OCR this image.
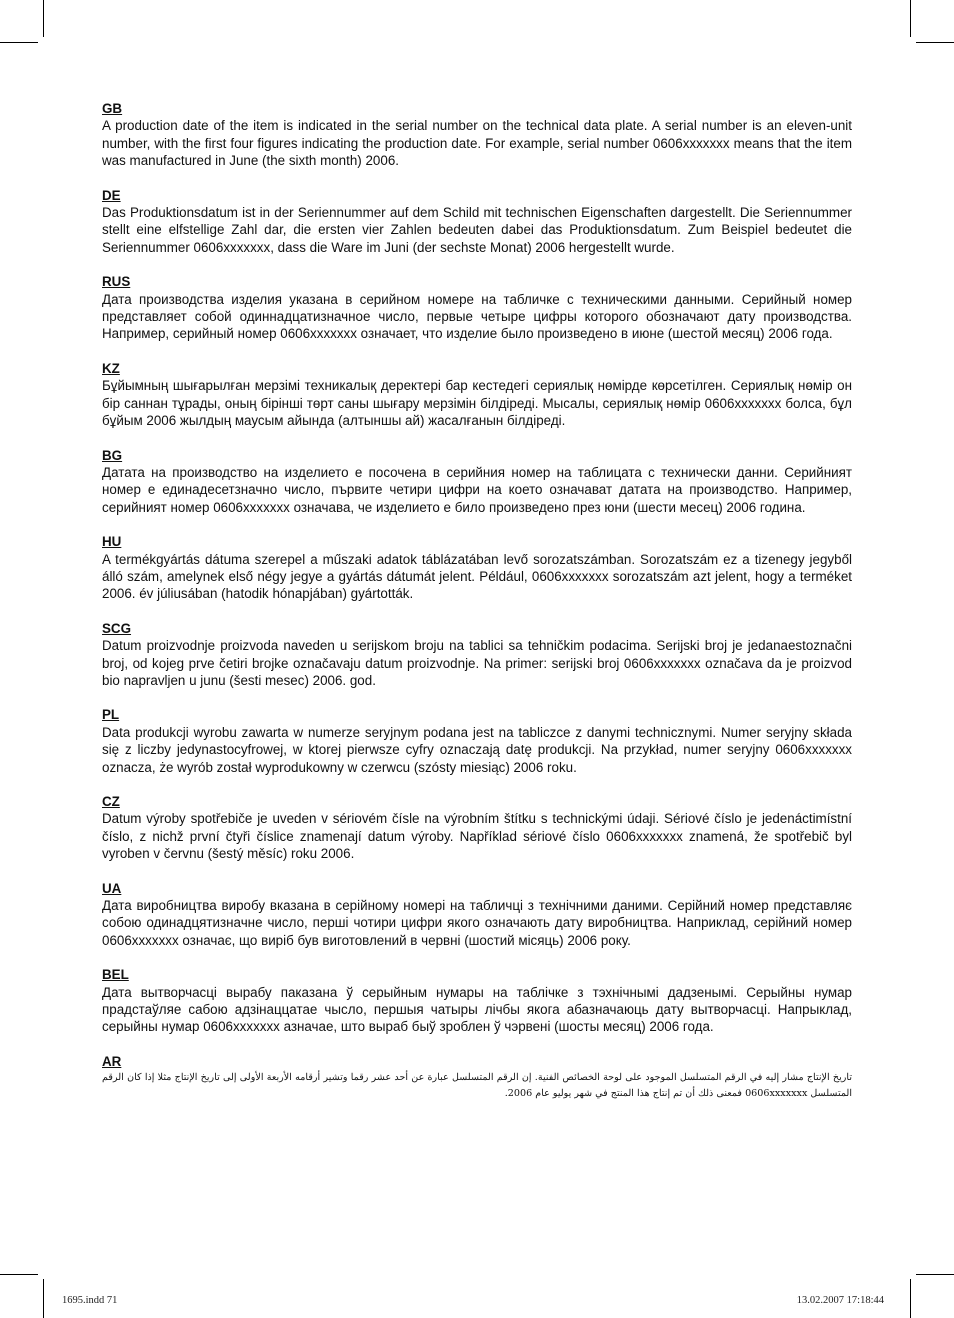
GB

A production date of the item is indicated in the serial number on the technical data plate. A serial number is an eleven-unit number, with the first four figures indicating the production date. For example, serial number 0606xxxxxxx means that the item was manufactured in June (the sixth month) 2006.

DE

Das Produktionsdatum ist in der Seriennummer auf dem Schild mit technischen Eigenschaften dargestellt. Die Seriennummer stellt eine elfstellige Zahl dar, die ersten vier Zahlen bedeuten dabei das Produktionsdatum. Zum Beispiel bedeutet die Seriennummer 0606xxxxxxx, dass die Ware im Juni (der sechste Monat) 2006 hergestellt wurde.

RUS

Дата производства изделия указана в серийном номере на табличке с техническими данными. Серийный номер представляет собой одиннадцатизначное число, первые четыре цифры которого обозначают дату производства. Например, серийный номер 0606xxxxxxx означает, что изделие было произведено в июне (шестой месяц) 2006 года.

KZ

Бұйымның шығарылған мерзімі техникалық деректері бар кестедегі сериялық нөмірде көрсетілген. Сериялық нөмір он бір саннан тұрады, оның бірінші төрт саны шығару мерзімін білдіреді. Мысалы, сериялық нөмір 0606xxxxxxx болса, бұл бұйым 2006 жылдың маусым айында (алтыншы ай) жасалғанын білдіреді.

BG

Датата на производство на изделието е посочена в серийния номер на таблицата с технически данни. Серийният номер е единадесетзначно число, първите четири цифри на което означават датата на производство. Например, серийният номер 0606xxxxxxx означава, че изделието е било произведено през юни (шести месец) 2006 година.

HU

A termékgyártás dátuma szerepel a műszaki adatok táblázatában levő sorozatszámban. Sorozatszám ez a tizenegy jegyből álló szám, amelynek első négy jegye a gyártás dátumát jelent. Például, 0606xxxxxxx sorozatszám azt jelent, hogy a terméket 2006. év júliusában (hatodik hónapjában) gyártották.

SCG

Datum proizvodnje proizvoda naveden u serijskom broju na tablici sa tehničkim podacima. Serijski broj je jedanaestoznačni broj, od kojeg prve četiri brojke označavaju datum proizvodnje. Na primer: serijski broj 0606xxxxxxx označava da je proizvod bio napravljen u junu (šesti mesec) 2006. god.

PL

Data produkcji wyrobu zawarta w numerze seryjnym podana jest na tabliczce z danymi technicznymi. Numer seryjny składa się z liczby jedynastocyfrowej, w ktorej pierwsze cyfry oznaczają datę produkcji. Na przykład, numer seryjny 0606xxxxxxx oznacza, że wyrób został wyprodukowny w czerwcu (szósty miesiąc) 2006 roku.

CZ

Datum výroby spotřebiče je uveden v sériovém čísle na výrobním štítku s technickými údaji. Sériové číslo je jedenáctimístní číslo, z nichž první čtyři číslice znamenají datum výroby. Například sériové číslo 0606xxxxxxx znamená, že spotřebič byl vyroben v červnu (šestý měsíc) roku 2006.

UA

Дата виробництва виробу вказана в серійному номері на табличці з технічними даними. Серійний номер представляє собою одинадцятизначне число, перші чотири цифри якого означають дату виробництва. Наприклад, серійний номер 0606xxxxxxx означає, що виріб був виготовлений в червні (шостий місяць) 2006 року.

BEL

Дата вытворчасці вырабу паказана ў серыйным нумары на таблічке з тэхнічнымі дадзенымі. Серыйны нумар прадстаўляе сабою адзінаццатае чысло, першыя чатыры лічбы якога абазначаюць дату вытворчасці. Напрыклад, серыйны нумар 0606xxxxxxx азначае, што выраб быў зроблен ў чэрвені (шосты месяц) 2006 года.

AR

تاريخ الإنتاج مشار إليه في الرقم المتسلسل الموجود على لوحة الخصائص الفنية. إن الرقم المتسلسل عبارة عن أحد عشر رقما وتشير أرقامه الأربعة الأولى إلى تاريخ الإنتاج مثلا إذا كان الرقم المتسلسل 0606xxxxxxx فمعنى ذلك أن تم إنتاج هذا المنتج في شهر يوليو عام 2006.

1695.indd 71	13.02.2007 17:18:44
